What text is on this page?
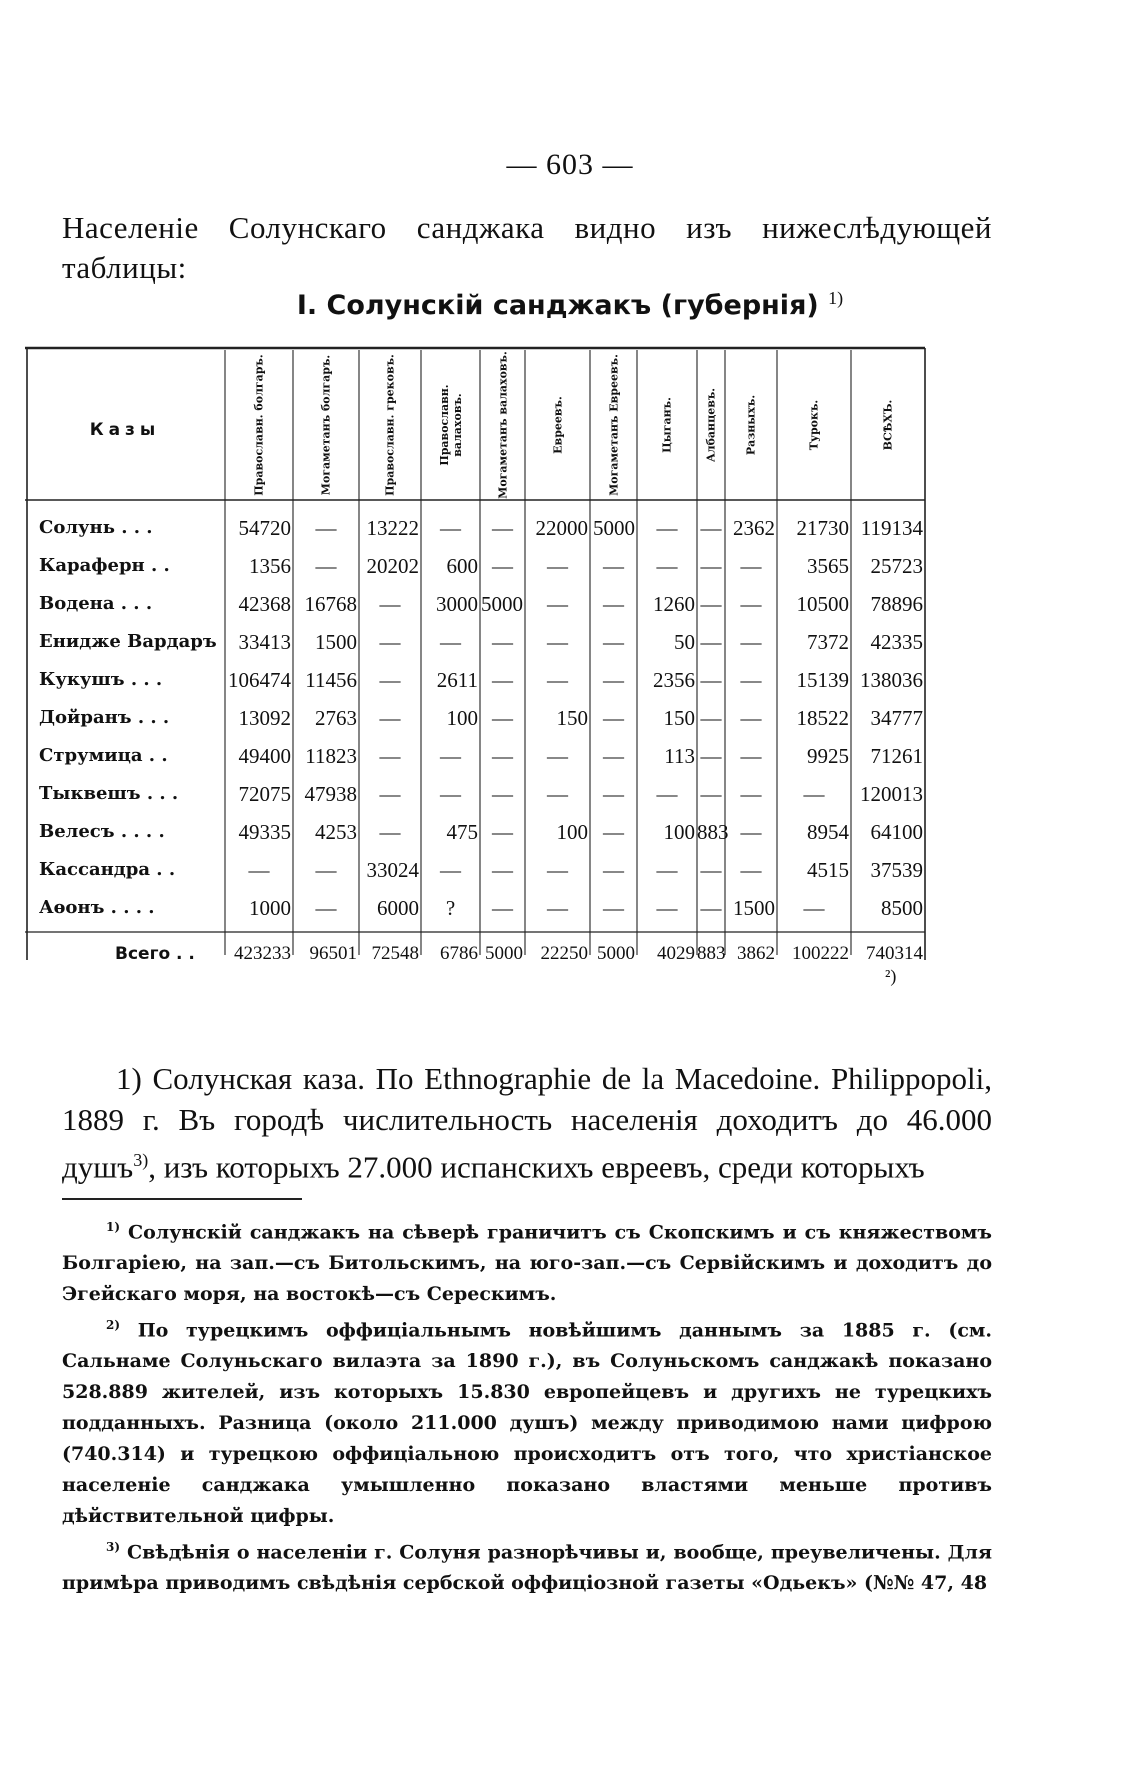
— 603 —
Населеніе Солунскаго санджака видно изъ нижеслѣдующей таблицы:
I. Солунскій санджакъ (губернія) $^{1)}$
Казы	Православн. болгаръ.	Могаметанъ болгаръ.	Православн. грековъ.	Православн. валаховъ.	Могаметанъ валаховъ.	Евреевъ.	Могаметанъ Евреевъ.	Цыганъ.	Албанцевъ. Разныхъ.	Турокъ.	ВСѢХЪ.
Солунь . . .	54720	—	13222	—	—	22000 5000	—	— 2362	21730 119134
Караферн . .	1356	—	20202	600 —	—	—	—	— —	3565	25723
Водена . . .	42368 16768	—	3000 5000	—	—	1260 — —	10500	78896
Енидже Вардаръ	33413	1500	—	—	—	—	—	50 — —	7372	42335
Кукушъ . . .	106474 11456	—	2611 —	—	—	2356 — —	15139 138036
Дойранъ . . .	13092	2763	—	100 —	150 —	150 — —	18522	34777
Струмица . .	49400 11823	—	—	—	—	—	113 — —	9925	71261
Тыквешъ . . .	72075 47938	—	—	—	—	—	—	— —	—	120013
Велесъ . . . .	49335	4253	—	475 —	100 —	100 883 —	8954	64100
Кассандра . .	—	—	33024	—	—	—	—	—	— —	4515	37539
Аѳонъ . . . .	1000	—	6000	?	—	—	—	—	— 1500	—	8500
Всего . .	423233 96501 72548	6786 5000 22250 5000	4029 883 3862 100222 740314
²)
1) Солунская каза. По Ethnographie de la Macedoine. Philippopoli, 1889 г. Въ городѣ числительность населенія доходитъ до 46.000 душъ$^{3)}$, изъ которыхъ 27.000 испанскихъ евреевъ, среди которыхъ
$^{1)}$ Солунскій санджакъ на сѣверѣ граничитъ съ Скопскимъ и съ княжествомъ Болгаріею, на зап.—съ Битольскимъ, на юго-зап.—съ Сервійскимъ и доходитъ до Эгейскаго моря, на востокѣ—съ Серескимъ.
$^{2)}$ По турецкимъ оффиціальнымъ новѣйшимъ даннымъ за 1885 г. (см. Сальнаме Солуньскаго вилаэта за 1890 г.), въ Солуньскомъ санджакѣ показано 528.889 жителей, изъ которыхъ 15.830 европейцевъ и другихъ не турецкихъ подданныхъ. Разница (около 211.000 душъ) между приводимою нами цифрою (740.314) и турецкою оффиціальною происходитъ отъ того, что христіанское населеніе санджака умышленно показано властями меньше противъ дѣйствительной цифры.
$^{3)}$ Свѣдѣнія о населеніи г. Солуня разнорѣчивы и, вообще, преувеличены. Для примѣра приводимъ свѣдѣнія сербской оффиціозной газеты «Одьекъ» (№№ 47, 48
